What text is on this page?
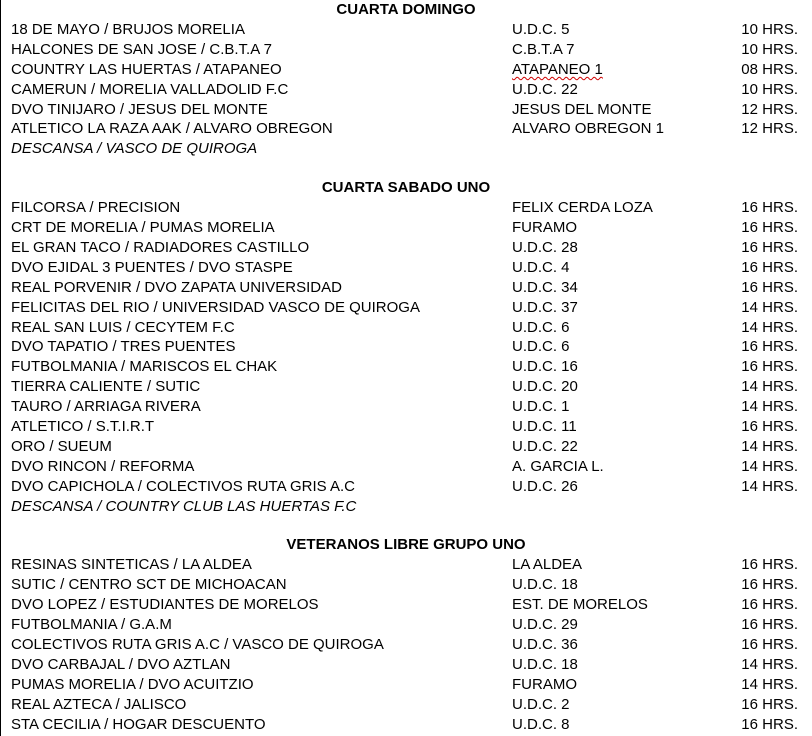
CUARTA DOMINGO
18 DE MAYO / BRUJOS MORELIA	U.D.C. 5	10 HRS.
HALCONES DE SAN JOSE / C.B.T.A 7	C.B.T.A 7	10 HRS.
COUNTRY LAS HUERTAS / ATAPANEO	ATAPANEO 1	08 HRS.
CAMERUN / MORELIA VALLADOLID F.C	U.D.C. 22	10 HRS.
DVO TINIJARO / JESUS DEL MONTE	JESUS DEL MONTE	12 HRS.
ATLETICO LA RAZA AAK / ALVARO OBREGON	ALVARO OBREGON 1	12 HRS.
DESCANSA / VASCO DE QUIROGA
CUARTA SABADO UNO
FILCORSA / PRECISION	FELIX CERDA LOZA	16 HRS.
CRT DE MORELIA / PUMAS MORELIA	FURAMO	16 HRS.
EL GRAN TACO / RADIADORES CASTILLO	U.D.C. 28	16 HRS.
DVO EJIDAL 3 PUENTES / DVO STASPE	U.D.C. 4	16 HRS.
REAL PORVENIR / DVO ZAPATA UNIVERSIDAD	U.D.C. 34	16 HRS.
FELICITAS DEL RIO / UNIVERSIDAD VASCO DE QUIROGA	U.D.C. 37	14 HRS.
REAL SAN LUIS / CECYTEM F.C	U.D.C. 6	14 HRS.
DVO TAPATIO / TRES PUENTES	U.D.C. 6	16 HRS.
FUTBOLMANIA / MARISCOS EL CHAK	U.D.C. 16	16 HRS.
TIERRA CALIENTE / SUTIC	U.D.C. 20	14 HRS.
TAURO / ARRIAGA RIVERA	U.D.C. 1	14 HRS.
ATLETICO / S.T.I.R.T	U.D.C. 11	16 HRS.
ORO / SUEUM	U.D.C. 22	14 HRS.
DVO RINCON / REFORMA	A. GARCIA L.	14 HRS.
DVO CAPICHOLA / COLECTIVOS RUTA GRIS A.C	U.D.C. 26	14 HRS.
DESCANSA / COUNTRY CLUB LAS HUERTAS F.C
VETERANOS LIBRE GRUPO UNO
RESINAS SINTETICAS / LA ALDEA	LA ALDEA	16 HRS.
SUTIC / CENTRO SCT DE MICHOACAN	U.D.C. 18	16 HRS.
DVO LOPEZ / ESTUDIANTES DE MORELOS	EST. DE MORELOS	16 HRS.
FUTBOLMANIA / G.A.M	U.D.C. 29	16 HRS.
COLECTIVOS RUTA GRIS A.C / VASCO DE QUIROGA	U.D.C. 36	16 HRS.
DVO CARBAJAL / DVO AZTLAN	U.D.C. 18	14 HRS.
PUMAS MORELIA / DVO ACUITZIO	FURAMO	14 HRS.
REAL AZTECA / JALISCO	U.D.C. 2	16 HRS.
STA CECILIA / HOGAR DESCUENTO	U.D.C. 8	16 HRS.
